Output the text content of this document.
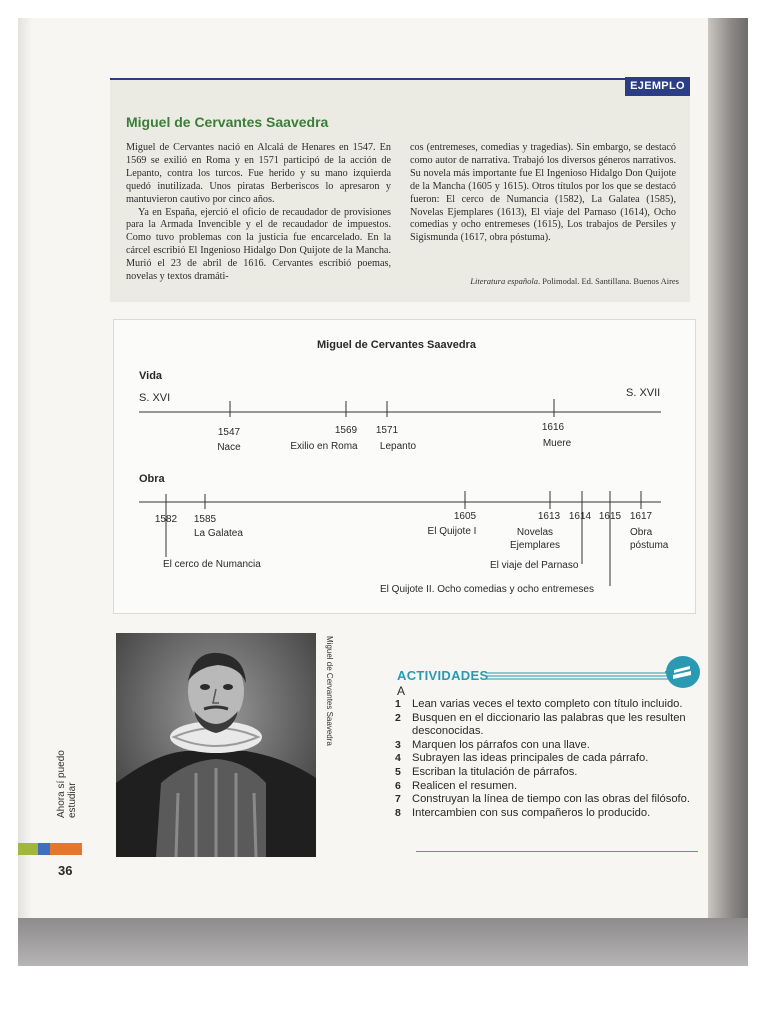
EJEMPLO
Miguel de Cervantes Saavedra

Miguel de Cervantes nació en Alcalá de Henares en 1547. En 1569 se exilió en Roma y en 1571 participó de la acción de Lepanto, contra los turcos. Fue herido y su mano izquierda quedó inutilizada. Unos piratas Berberiscos lo apresaron y mantuvieron cautivo por cinco años.

Ya en España, ejerció el oficio de recaudador de provisiones para la Armada Invencible y el de recaudador de impuestos. Como tuvo problemas con la justicia fue encarcelado. En la cárcel escribió El Ingenioso Hidalgo Don Quijote de la Mancha. Murió el 23 de abril de 1616. Cervantes escribió poemas, novelas y textos dramáti-

cos (entremeses, comedias y tragedias). Sin embargo, se destacó como autor de narrativa. Trabajó los diversos géneros narrativos. Su novela más importante fue El Ingenioso Hidalgo Don Quijote de la Mancha (1605 y 1615). Otros títulos por los que se destacó fueron: El cerco de Numancia (1582), La Galatea (1585), Novelas Ejemplares (1613), El viaje del Parnaso (1614), Ocho comedias y ocho entremeses (1615), Los trabajos de Persiles y Sigismunda (1617, obra póstuma).

Literatura española. Polimodal. Ed. Santillana. Buenos Aires
Miguel de Cervantes Saavedra
Vida
S. XVI	S. XVII
1547
Nace
1569
Exilio en Roma
1571
Lepanto
1616
Muere
Obra
1582
El cerco de Numancia
1585
La Galatea
1605
El Quijote I
1613
Novelas Ejemplares
1614
El viaje del Parnaso
1615
El Quijote II. Ocho comedias y ocho entremeses
1617
Obra póstuma
Miguel de Cervantes Saavedra	ACTIVIDADES
A
1 Lean varias veces el texto completo con título incluido.
2 Busquen en el diccionario las palabras que les resulten desconocidas.
3 Marquen los párrafos con una llave.
4 Subrayen las ideas principales de cada párrafo.
5 Escriban la titulación de párrafos.
6 Realicen el resumen.
7 Construyan la línea de tiempo con las obras del filósofo.
8 Intercambien con sus compañeros lo producido.
Ahora sí puedo estudiar
36
